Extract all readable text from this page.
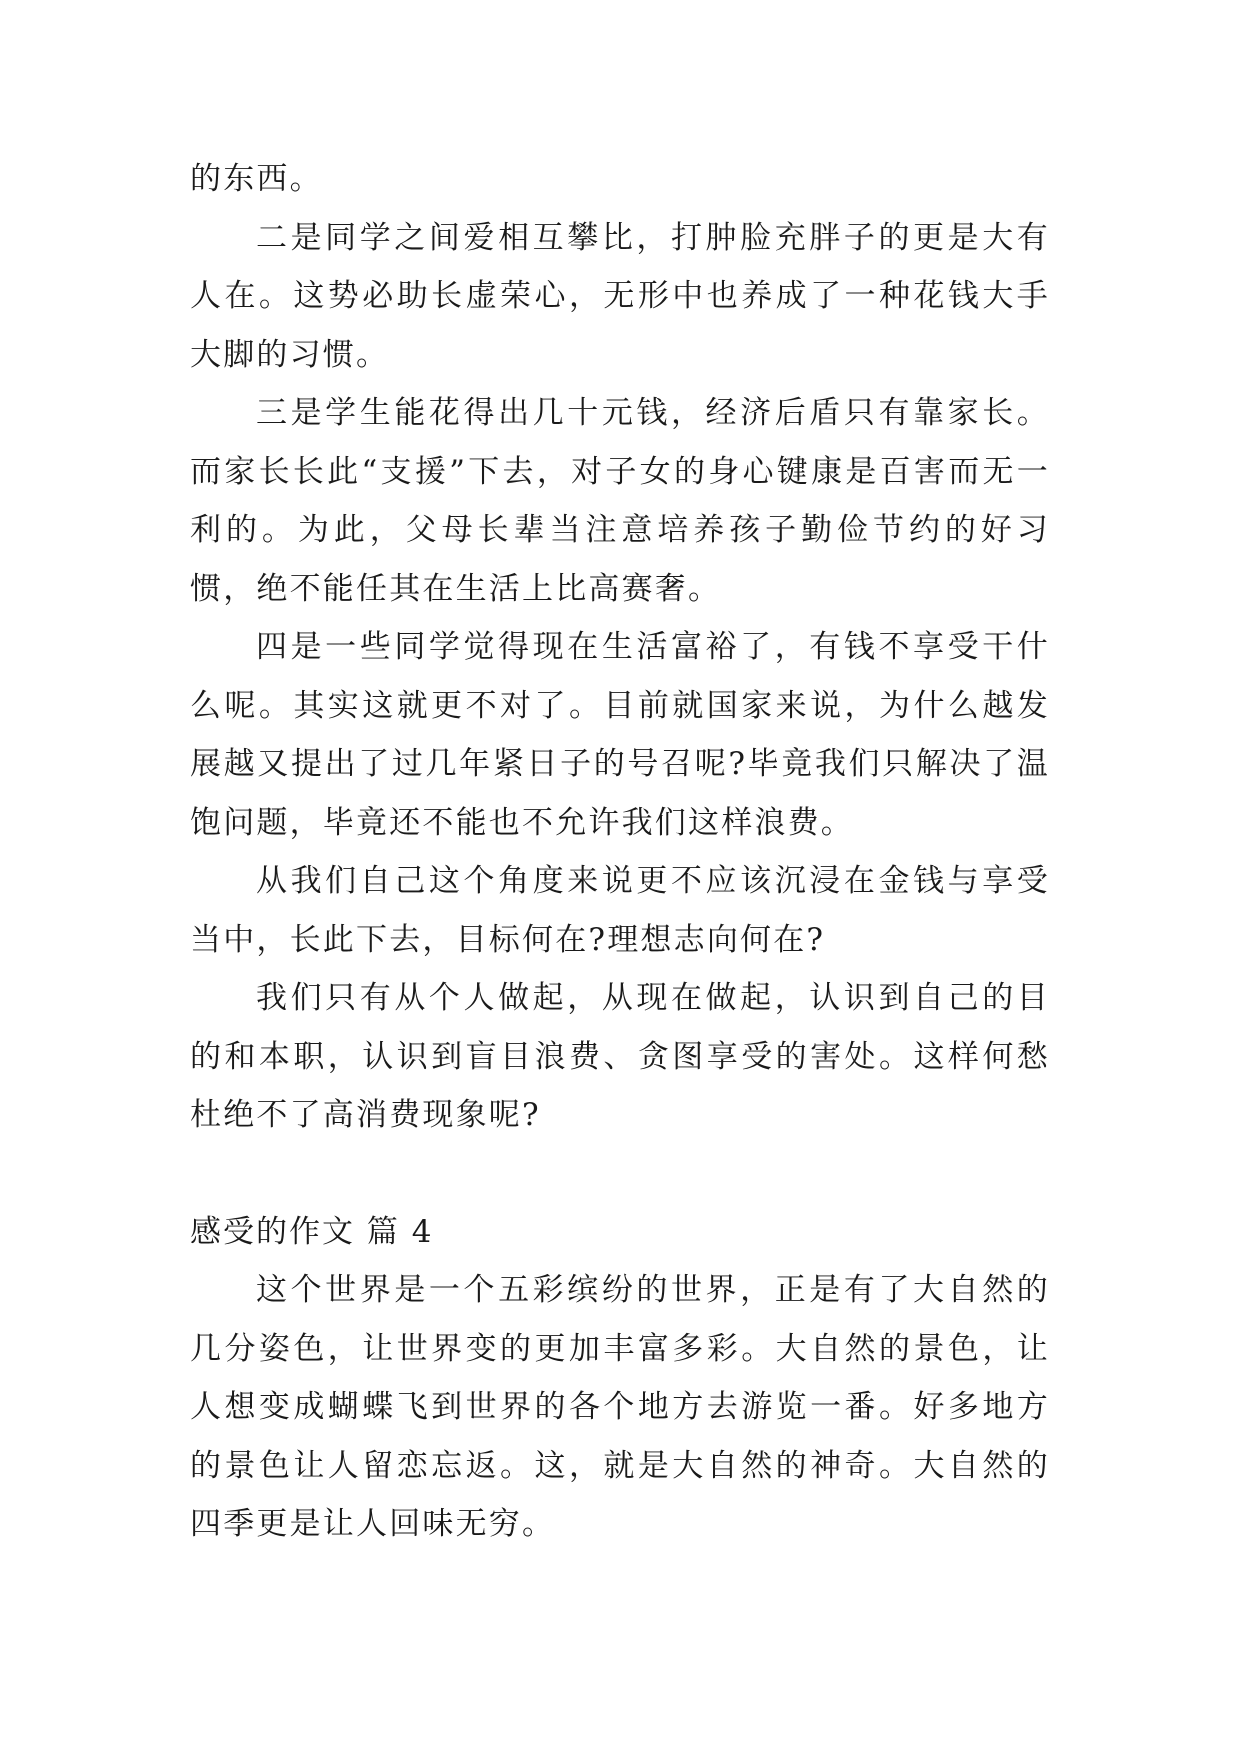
的东西。

二是同学之间爱相互攀比，打肿脸充胖子的更是大有人在。这势必助长虚荣心，无形中也养成了一种花钱大手大脚的习惯。

三是学生能花得出几十元钱，经济后盾只有靠家长。而家长长此“支援”下去，对子女的身心键康是百害而无一利的。为此，父母长辈当注意培养孩子勤俭节约的好习惯，绝不能任其在生活上比高赛奢。

四是一些同学觉得现在生活富裕了，有钱不享受干什么呢。其实这就更不对了。目前就国家来说，为什么越发展越又提出了过几年紧日子的号召呢?毕竟我们只解决了温饱问题，毕竟还不能也不允许我们这样浪费。

从我们自己这个角度来说更不应该沉浸在金钱与享受当中，长此下去，目标何在?理想志向何在?

我们只有从个人做起，从现在做起，认识到自己的目的和本职，认识到盲目浪费、贪图享受的害处。这样何愁杜绝不了高消费现象呢?

感受的作文 篇 4

这个世界是一个五彩缤纷的世界，正是有了大自然的几分姿色，让世界变的更加丰富多彩。大自然的景色，让人想变成蝴蝶飞到世界的各个地方去游览一番。好多地方的景色让人留恋忘返。这，就是大自然的神奇。大自然的四季更是让人回味无穷。
